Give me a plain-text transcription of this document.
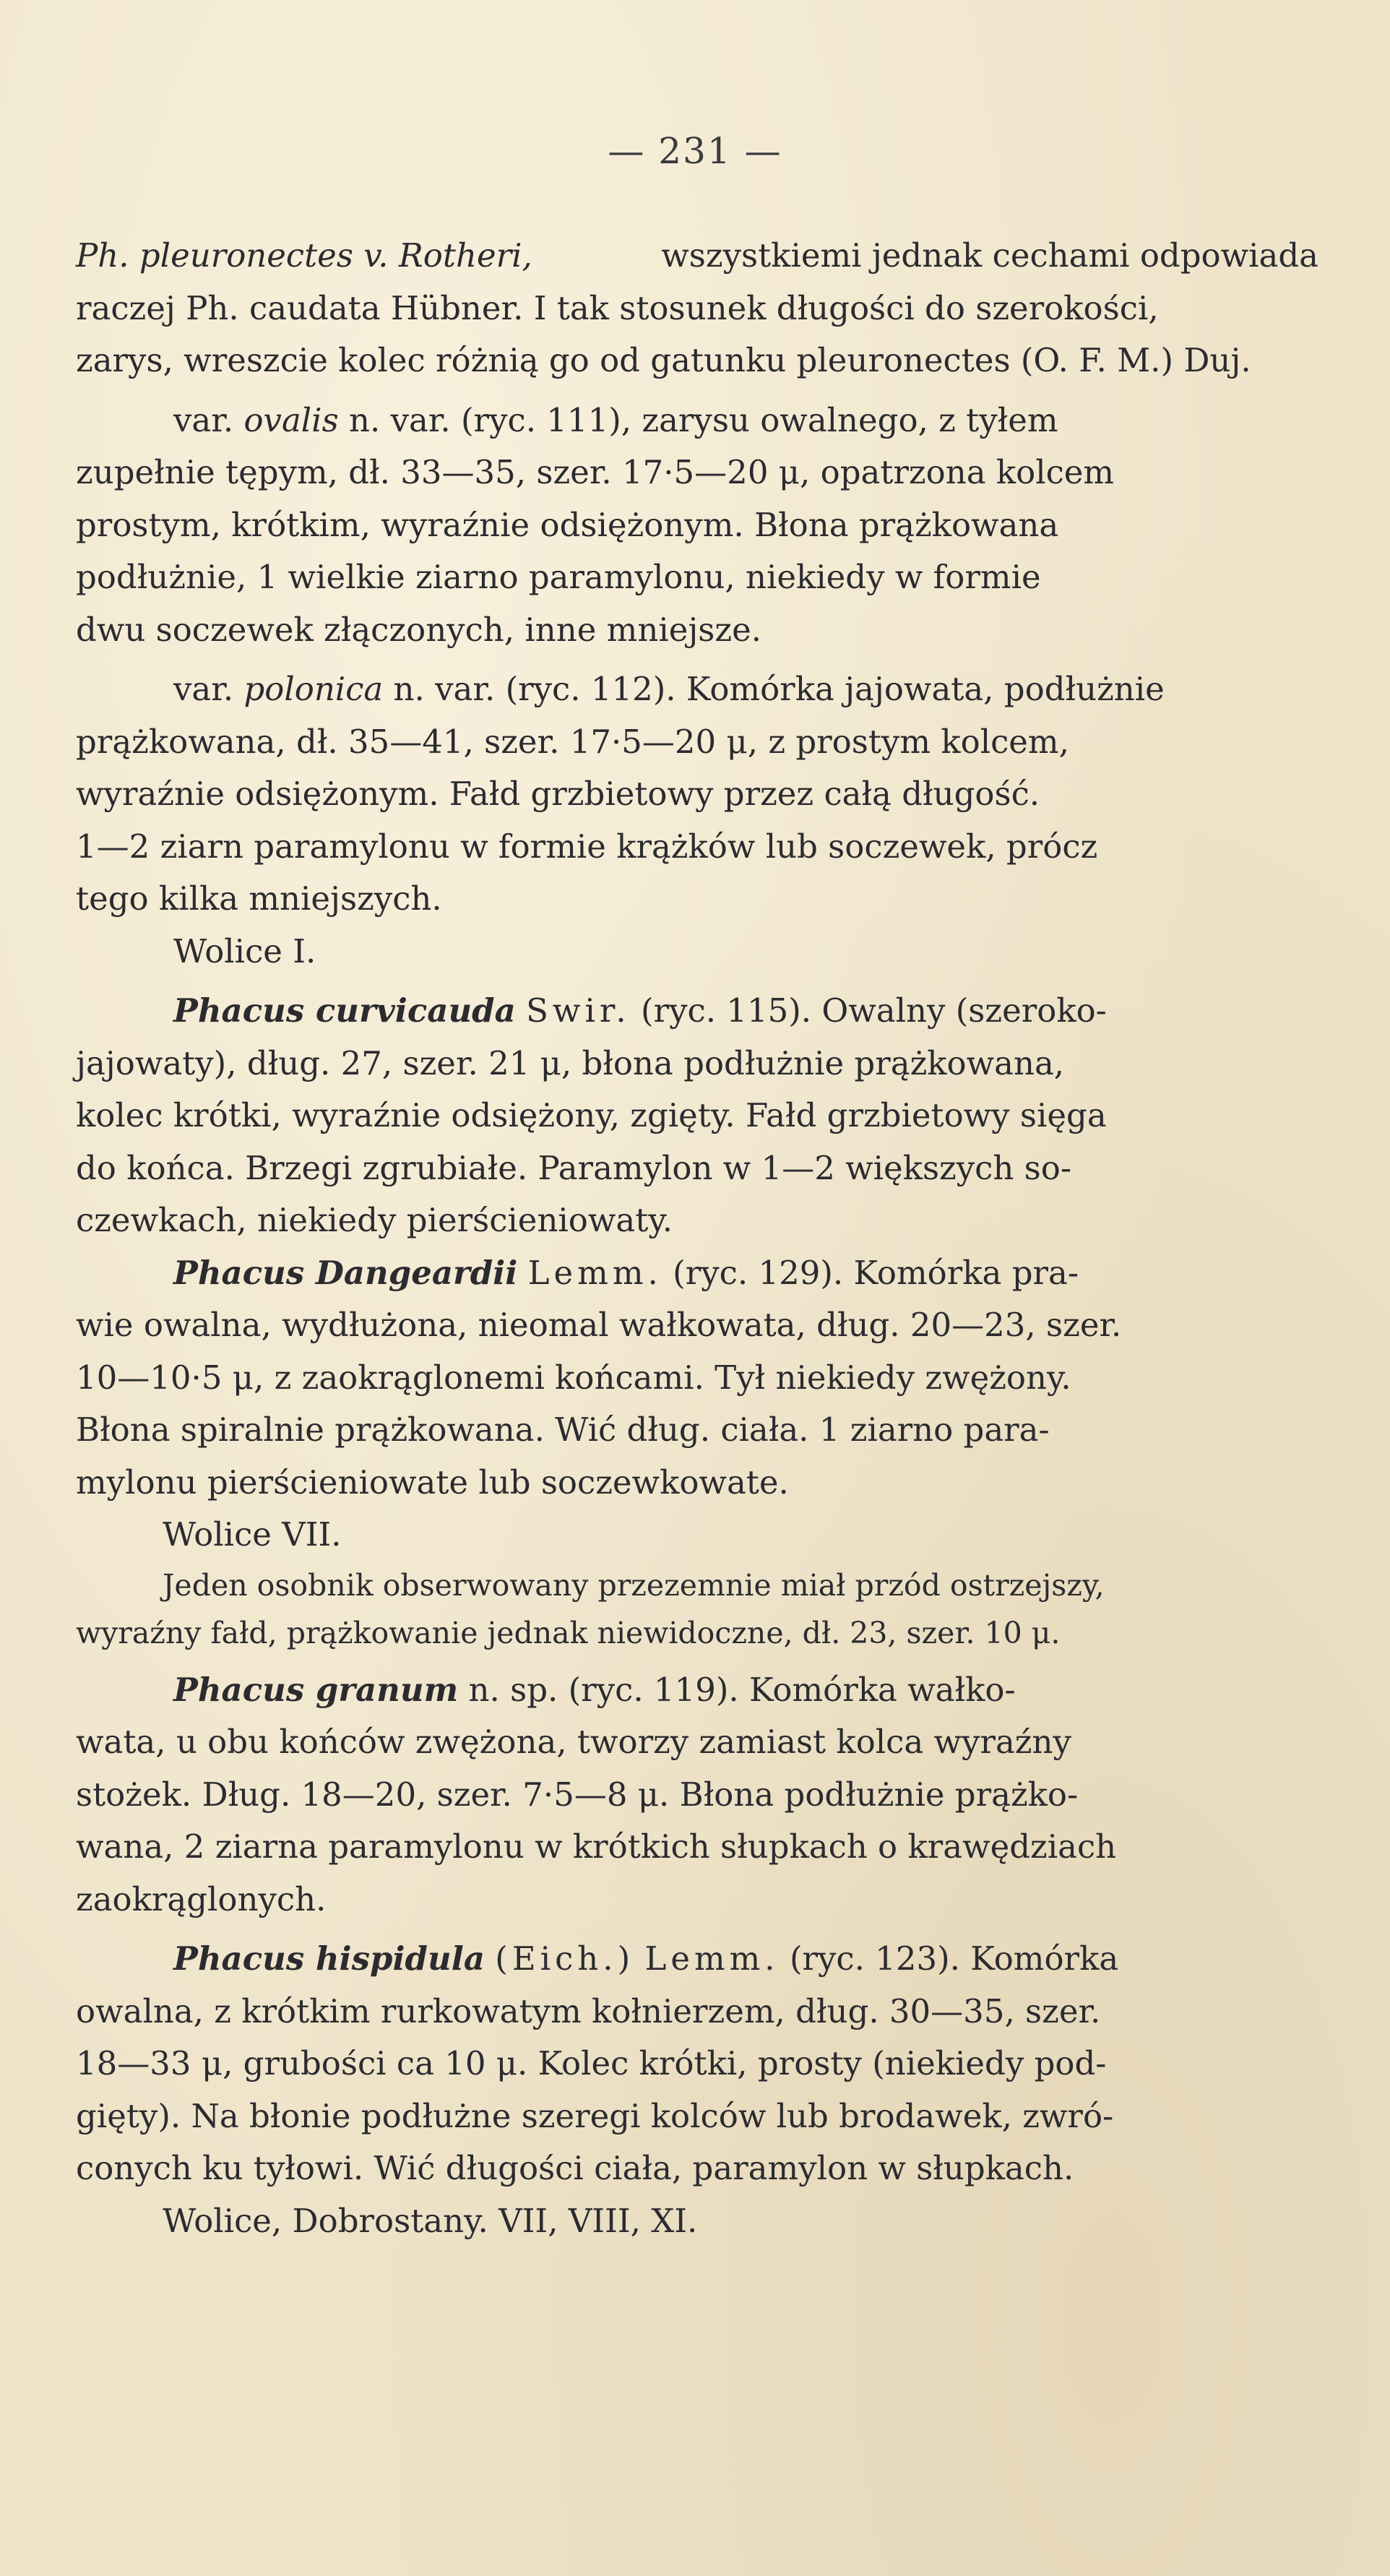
— 231 —
Ph. pleuronectes v. Rotheri,	wszystkiemi jednak cechami odpowiada
raczej Ph. caudata Hübner. I tak stosunek długości do szerokości,
zarys, wreszcie kolec różnią go od gatunku pleuronectes (O. F. M.) Duj.
var. ovalis n. var. (ryc. 111), zarysu owalnego, z tyłem
zupełnie tępym, dł. 33—35, szer. 17·5—20 μ, opatrzona kolcem
prostym, krótkim, wyraźnie odsiężonym. Błona prążkowana
podłużnie, 1 wielkie ziarno paramylonu, niekiedy w formie
dwu soczewek złączonych, inne mniejsze.
var. polonica n. var. (ryc. 112). Komórka jajowata, podłużnie
prążkowana, dł. 35—41, szer. 17·5—20 μ, z prostym kolcem,
wyraźnie odsiężonym. Fałd grzbietowy przez całą długość.
1—2 ziarn paramylonu w formie krążków lub soczewek, prócz
tego kilka mniejszych.
Wolice I.
Phacus curvicauda Swir. (ryc. 115). Owalny (szeroko-
jajowaty), dług. 27, szer. 21 μ, błona podłużnie prążkowana,
kolec krótki, wyraźnie odsiężony, zgięty. Fałd grzbietowy sięga
do końca. Brzegi zgrubiałe. Paramylon w 1—2 większych so-
czewkach, niekiedy pierścieniowaty.
Phacus Dangeardii Lemm. (ryc. 129). Komórka pra-
wie owalna, wydłużona, nieomal wałkowata, dług. 20—23, szer.
10—10·5 μ, z zaokrąglonemi końcami. Tył niekiedy zwężony.
Błona spiralnie prążkowana. Wić dług. ciała. 1 ziarno para-
mylonu pierścieniowate lub soczewkowate.
Wolice VII.
Jeden osobnik obserwowany przezemnie miał przód ostrzejszy,
wyraźny fałd, prążkowanie jednak niewidoczne, dł. 23, szer. 10 μ.
Phacus granum n. sp. (ryc. 119). Komórka wałko-
wata, u obu końców zwężona, tworzy zamiast kolca wyraźny
stożek. Dług. 18—20, szer. 7·5—8 μ. Błona podłużnie prążko-
wana, 2 ziarna paramylonu w krótkich słupkach o krawędziach
zaokrąglonych.
Phacus hispidula (Eich.) Lemm. (ryc. 123). Komórka
owalna, z krótkim rurkowatym kołnierzem, dług. 30—35, szer.
18—33 μ, grubości ca 10 μ. Kolec krótki, prosty (niekiedy pod-
gięty). Na błonie podłużne szeregi kolców lub brodawek, zwró-
conych ku tyłowi. Wić długości ciała, paramylon w słupkach.
Wolice, Dobrostany. VII, VIII, XI.
